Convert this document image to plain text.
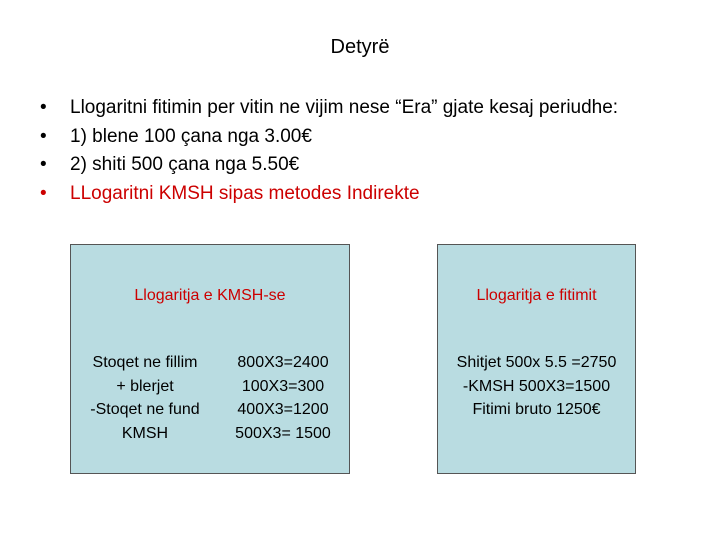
Detyrë
• Llogaritni fitimin per vitin ne vijim nese “Era” gjate kesaj periudhe:
• 1) blene 100 çana nga 3.00€
• 2) shiti 500 çana nga 5.50€
• LLogaritni KMSH sipas metodes Indirekte
Llogaritja e KMSH-se
Stoqet ne fillim
+ blerjet
-Stoqet ne fund
KMSH
800X3=2400
100X3=300
400X3=1200
500X3= 1500
Llogaritja e fitimit
Shitjet 500x 5.5 =2750
-KMSH 500X3=1500
Fitimi bruto 1250€
